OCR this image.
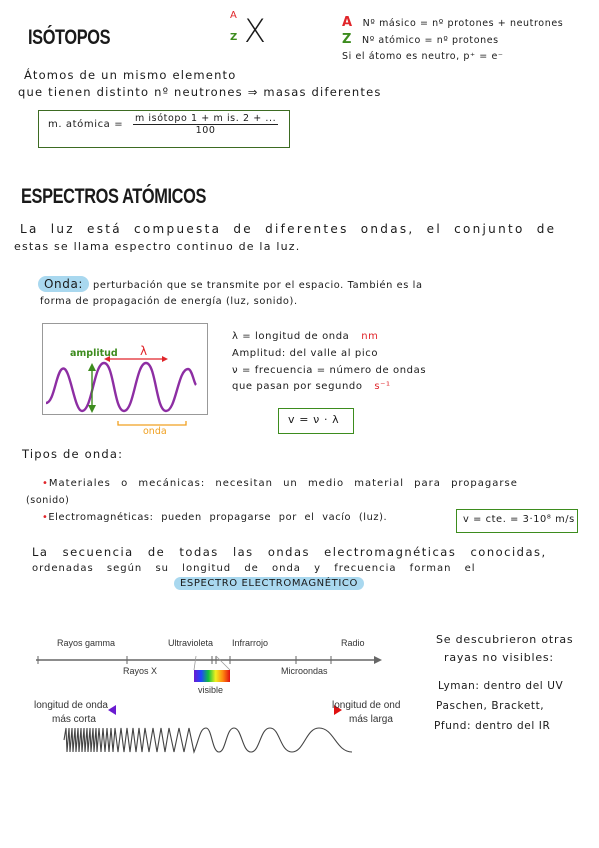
ISÓTOPOS
A
Z X	A Nº másico = nº protones + neutrones
Z Nº atómico = nº protones
Si el átomo es neutro, p⁺ = e⁻
Átomos de un mismo elemento
que tienen distinto nº neutrones ⇒ masas diferentes
m. atómica = $\frac{\text{m isótopo 1 + m is. 2 + ...}}{100}$
ESPECTROS ATÓMICOS
La luz está compuesta de diferentes ondas, el conjunto de
estas se llama espectro continuo de la luz.
Onda: perturbación que se transmite por el espacio. También es la
forma de propagación de energía (luz, sonido).
amplitud λ
onda
λ = longitud de onda nm
Amplitud: del valle al pico
ν = frecuencia = número de ondas
que pasan por segundo s⁻¹
v = ν · λ
Tipos de onda:
•Materiales o mecánicas: necesitan un medio material para propagarse
(sonido)
•Electromagnéticas: pueden propagarse por el vacío (luz).	v = cte. = 3·10⁸ m/s
La secuencia de todas las ondas electromagnéticas conocidas,
ordenadas según su longitud de onda y frecuencia forman el
ESPECTRO ELECTROMAGNÉTICO
Rayos gamma	Ultravioleta Infrarrojo	Radio
Rayos X	Microondas
visible
longitud de onda
más corta
longitud de ond
más larga
Se descubrieron otras
rayas no visibles:
Lyman: dentro del UV
Paschen, Brackett,
Pfund: dentro del IR
